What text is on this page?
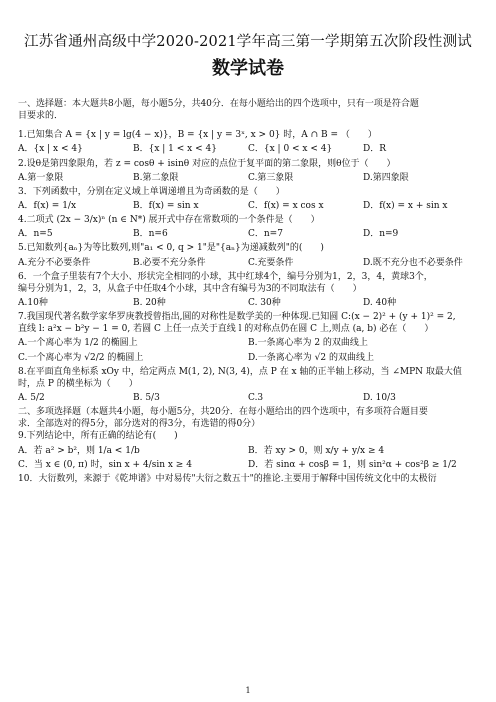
江苏省通州高级中学2020-2021学年高三第一学期第五次阶段性测试
数学试卷

一、选择题：本大题共8小题，每小题5分，共40分．在每小题给出的四个选项中，只有一项是符合题

目要求的．

1.已知集合 A = {x | y = lg(4 − x)}，B = {x | y = 3ˣ, x > 0} 时，A ∩ B = （　　）

A．{x | x < 4}	B．{x | 1 < x < 4}	C．{x | 0 < x < 4}	D．R

2.设θ是第四象限角，若 z = cosθ + isinθ 对应的点位于复平面的第二象限，则θ位于（　　）

A.第一象限	B.第二象限	C.第三象限	D.第四象限

3．下列函数中，分别在定义域上单调递增且为奇函数的是（　　）

A．f(x) = 1/x	B．f(x) = sin x	C．f(x) = x cos x	D．f(x) = x + sin x

4.二项式 (2x − 3/x)ⁿ (n ∈ N*) 展开式中存在常数项的一个条件是（　　）

A．n=5	B．n=6	C．n=7	D．n=9

5.已知数列{aₙ}为等比数列,则"a₁ < 0, q > 1"是"{aₙ}为递减数列"的(　　)

A.充分不必要条件	B.必要不充分条件	C.充要条件	D.既不充分也不必要条件

6．一个盒子里装有7个大小、形状完全相同的小球，其中红球4个，编号分别为1，2，3，4，黄球3个，

编号分别为1，2，3，从盒子中任取4个小球，其中含有编号为3的不同取法有（　　）

A.10种	B. 20种	C. 30种	D. 40种

7.我国现代著名数学家华罗庚教授曾指出,圆的对称性是数学美的一种体现.已知圆 C:(x − 2)² + (y + 1)² = 2,

直线 l: a²x − b²y − 1 = 0, 若圆 C 上任一点关于直线 l 的对称点仍在圆 C 上,则点 (a, b) 必在（　　）

A.一个离心率为 1/2 的椭圆上	B.一条离心率为 2 的双曲线上
C.一个离心率为 √2/2 的椭圆上	D.一条离心率为 √2 的双曲线上

8.在平面直角坐标系 xOy 中，给定两点 M(1, 2), N(3, 4)，点 P 在 x 轴的正半轴上移动，当 ∠MPN 取最大值

时，点 P 的横坐标为（　　）

A. 5/2	B. 5/3	C.3	D. 10/3

二、多项选择题（本题共4小题，每小题5分，共20分．在每小题给出的四个选项中，有多项符合题目要

求．全部选对的得5分，部分选对的得3分，有选错的得0分）

9.下列结论中，所有正确的结论有(　　)

A．若 a² > b²，则 1/a < 1/b	B．若 xy > 0，则 x/y + y/x ≥ 4
C．当 x ∈ (0, π) 时，sin x + 4/sin x ≥ 4	D．若 sinα + cosβ = 1，则 sin²α + cos²β ≥ 1/2

10．大衍数列，来源于《乾坤谱》中对易传"大衍之数五十"的推论.主要用于解释中国传统文化中的太极衍

1
